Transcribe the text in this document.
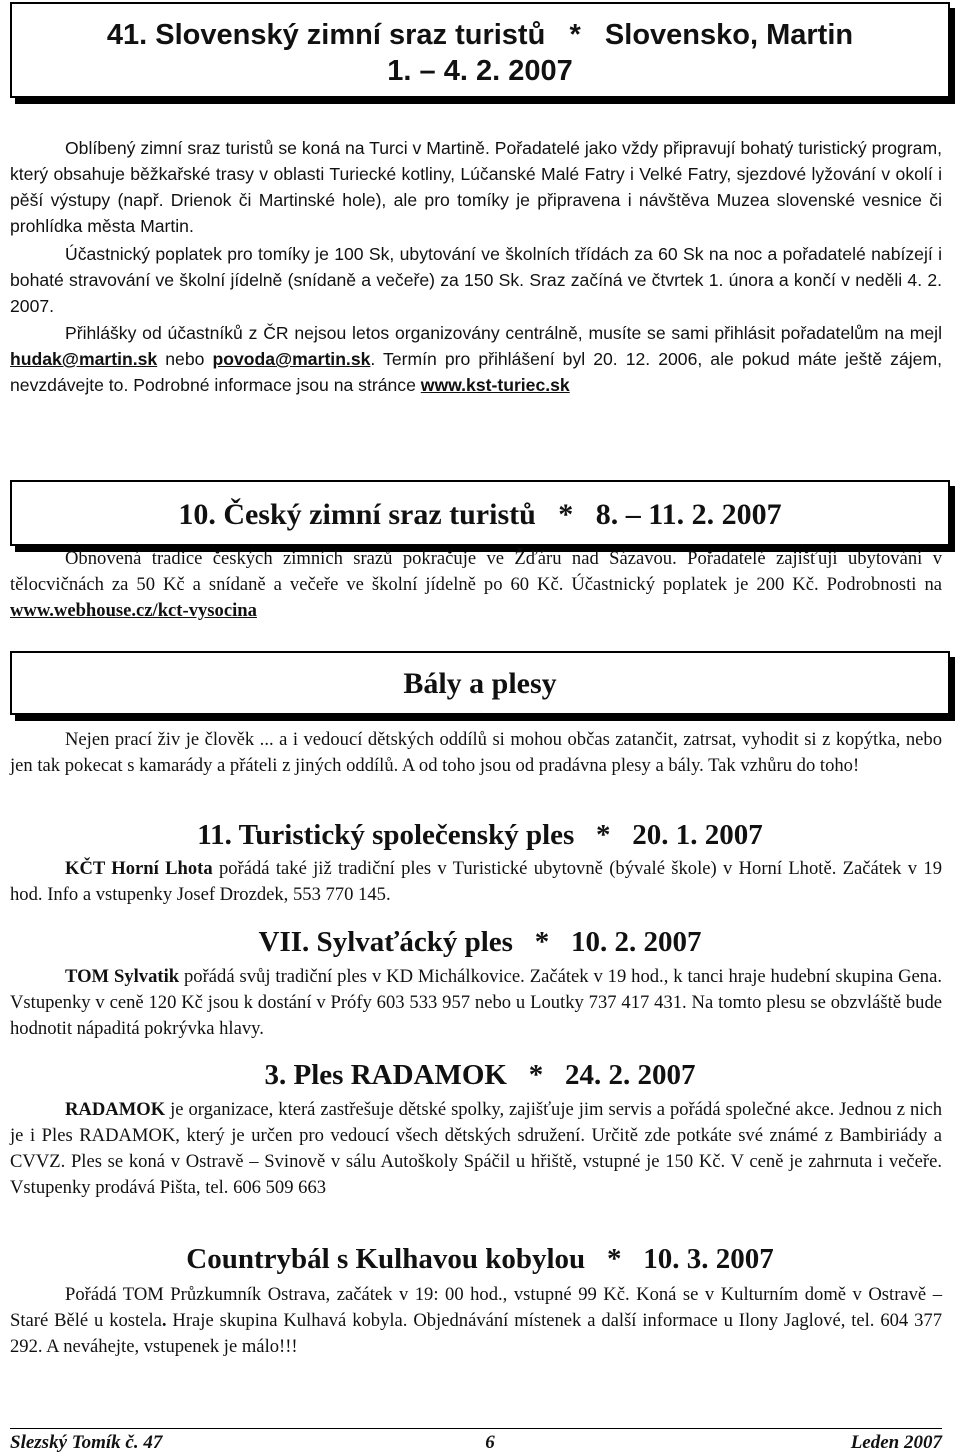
41. Slovenský zimní sraz turistů   *   Slovensko, Martin
1. – 4. 2. 2007

Oblíbený zimní sraz turistů se koná na Turci v Martině. Pořadatelé jako vždy připravují bohatý turistický program, který obsahuje běžkařské trasy v oblasti Turiecké kotliny, Lúčanské Malé Fatry i Velké Fatry, sjezdové lyžování v okolí i pěší výstupy (např. Drienok či Martinské hole), ale pro tomíky je připravena i návštěva Muzea slovenské vesnice či prohlídka města Martin.

Účastnický poplatek pro tomíky je 100 Sk, ubytování ve školních třídách za 60 Sk na noc a pořadatelé nabízejí i bohaté stravování ve školní jídelně (snídaně a večeře) za 150 Sk. Sraz začíná ve čtvrtek 1. února a končí v neděli 4. 2. 2007.

Přihlášky od účastníků z ČR nejsou letos organizovány centrálně, musíte se sami přihlásit pořadatelům na mejl hudak@martin.sk nebo povoda@martin.sk. Termín pro přihlášení byl 20. 12. 2006, ale pokud máte ještě zájem, nevzdávejte to. Podrobné informace jsou na stránce www.kst-turiec.sk

10. Český zimní sraz turistů   *   8. – 11. 2. 2007

Obnovená tradice českých zimních srazů pokračuje ve Žďáru nad Sázavou. Pořadatelé zajišťují ubytování v tělocvičnách za 50 Kč a snídaně a večeře ve školní jídelně po 60 Kč. Účastnický poplatek je 200 Kč. Podrobnosti na www.webhouse.cz/kct-vysocina

Bály a plesy

Nejen prací živ je člověk ... a i vedoucí dětských oddílů si mohou občas zatančit, zatrsat, vyhodit si z kopýtka, nebo jen tak pokecat s kamarády a přáteli z jiných oddílů. A od toho jsou od pradávna plesy a bály. Tak vzhůru do toho!

11. Turistický společenský ples   *   20. 1. 2007

KČT Horní Lhota pořádá také již tradiční ples v Turistické ubytovně (bývalé škole) v Horní Lhotě. Začátek v 19 hod. Info a vstupenky Josef Drozdek, 553 770 145.

VII. Sylvaťácký ples   *   10. 2. 2007

TOM Sylvatik pořádá svůj tradiční ples v KD Michálkovice. Začátek v 19 hod., k tanci hraje hudební skupina Gena. Vstupenky v ceně 120 Kč jsou k dostání v Prófy 603 533 957 nebo u Loutky 737 417 431. Na tomto plesu se obzvláště bude hodnotit nápaditá pokrývka hlavy.

3. Ples RADAMOK   *   24. 2. 2007

RADAMOK je organizace, která zastřešuje dětské spolky, zajišťuje jim servis a pořádá společné akce. Jednou z nich je i Ples RADAMOK, který je určen pro vedoucí všech dětských sdružení. Určitě zde potkáte své známé z Bambiriády a CVVZ. Ples se koná v Ostravě – Svinově v sálu Autoškoly Spáčil u hřiště, vstupné je 150 Kč. V ceně je zahrnuta i večeře. Vstupenky prodává Pišta, tel. 606 509 663

Countrybál s Kulhavou kobylou   *   10. 3. 2007

Pořádá TOM Průzkumník Ostrava, začátek v 19: 00 hod., vstupné 99 Kč. Koná se v Kulturním domě v Ostravě – Staré Bělé u kostela. Hraje skupina Kulhavá kobyla. Objednávání místenek a další informace u Ilony Jaglové, tel. 604 377 292. A neváhejte, vstupenek je málo!!!

Slezský Tomík č. 47	6	Leden 2007
